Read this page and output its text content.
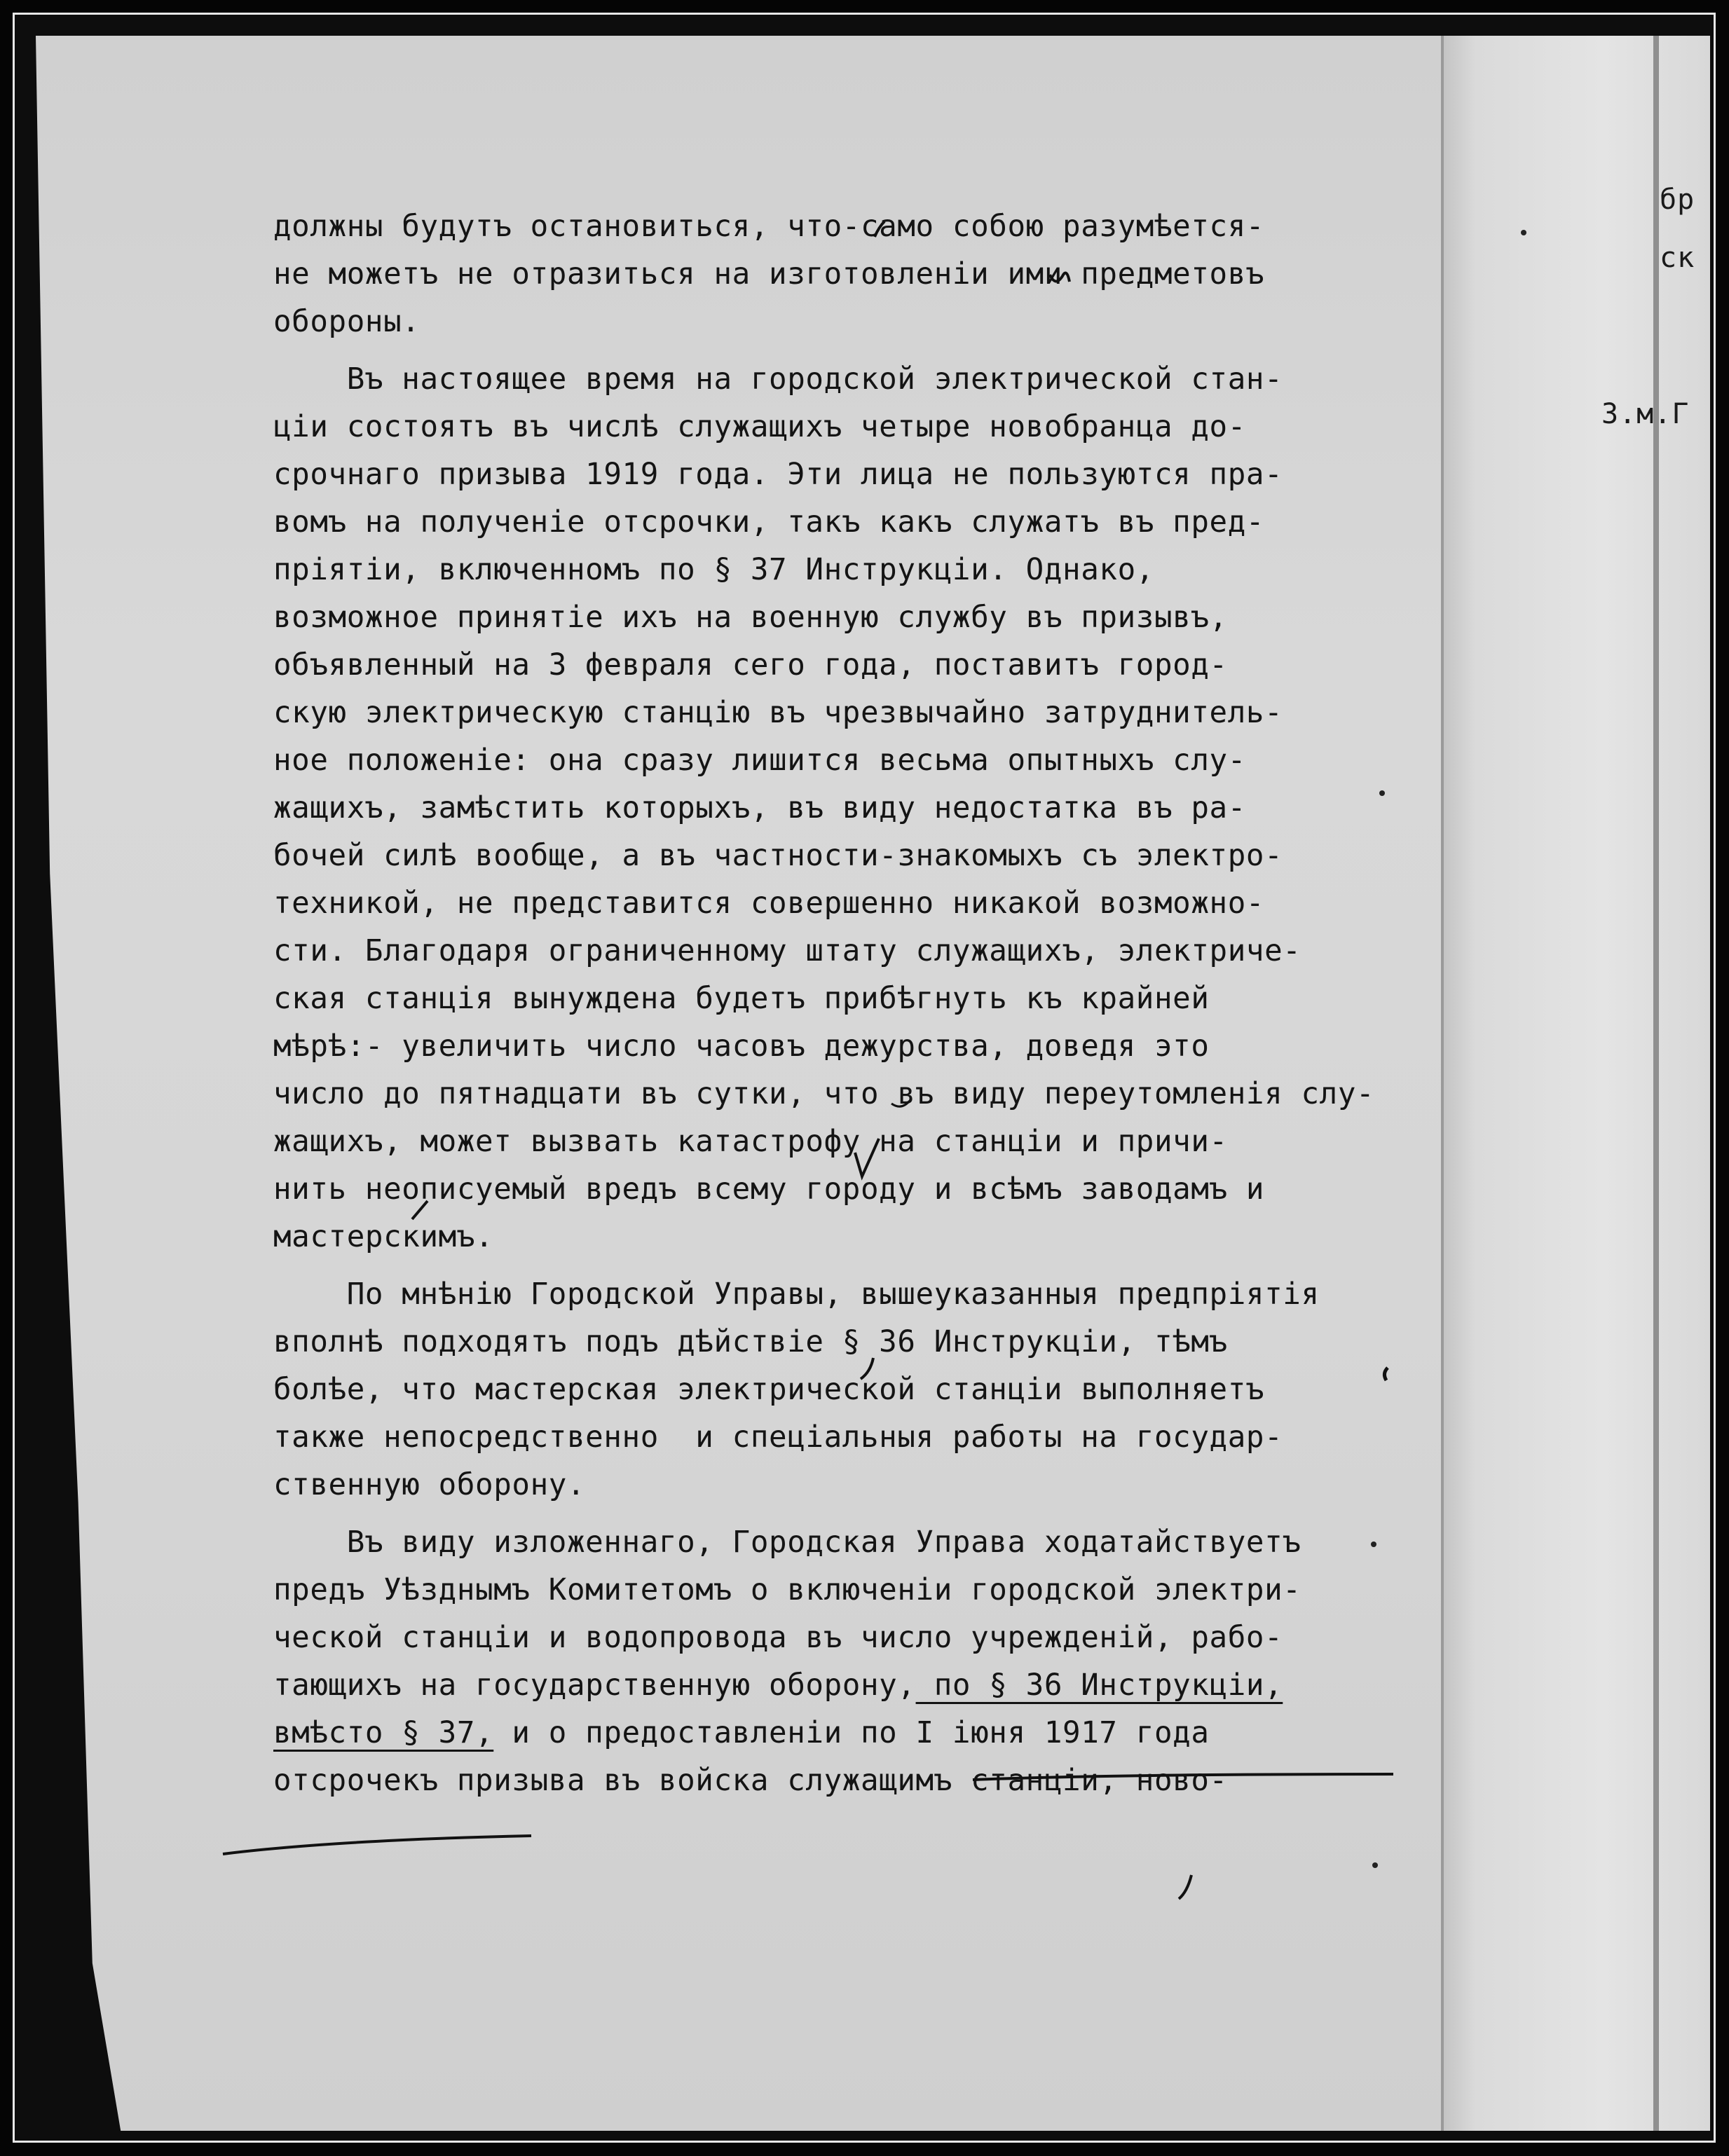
бр
ск
3.м.Г
должны будутъ остановиться, что-само собою разумѣется-
не можетъ не отразиться на изготовленіи ими предметовъ
обороны.
Въ настоящее время на городской электрической стан-
ціи состоятъ въ числѣ служащихъ четыре новобранца до-
срочнаго призыва 1919 года. Эти лица не пользуются пра-
вомъ на полученіе отсрочки, такъ какъ служатъ въ пред-
пріятіи, включенномъ по § 37 Инструкціи. Однако,
возможное принятіе ихъ на военную службу въ призывъ,
объявленный на 3 февраля сего года, поставитъ город-
скую электрическую станцію въ чрезвычайно затруднитель-
ное положеніе: она сразу лишится весьма опытныхъ слу-
жащихъ, замѣстить которыхъ, въ виду недостатка въ ра-
бочей силѣ вообще, а въ частности-знакомыхъ съ электро-
техникой, не представится совершенно никакой возможно-
сти. Благодаря ограниченному штату служащихъ, электриче-
ская станція вынуждена будетъ прибѣгнуть къ крайней
мѣрѣ:- увеличить число часовъ дежурства, доведя это
число до пятнадцати въ сутки, что въ виду переутомленія слу-
жащихъ, может вызвать катастрофу на станціи и причи-
нить неописуемый вредъ всему городу и всѣмъ заводамъ и
мастерскимъ.
По мнѣнію Городской Управы, вышеуказанныя предпріятія
вполнѣ подходятъ подъ дѣйствіе § 36 Инструкціи, тѣмъ
болѣе, что мастерская электрической станціи выполняетъ
также непосредственно  и спеціальныя работы на государ-
ственную оборону.
Въ виду изложеннаго, Городская Управа ходатайствуетъ
предъ Уѣзднымъ Комитетомъ о включеніи городской электри-
ческой станціи и водопровода въ число учрежденій, рабо-
тающихъ на государственную оборону, по § 36 Инструкціи,
вмѣсто § 37, и о предоставленіи по I іюня 1917 года
отсрочекъ призыва въ войска служащимъ станціи, ново-
